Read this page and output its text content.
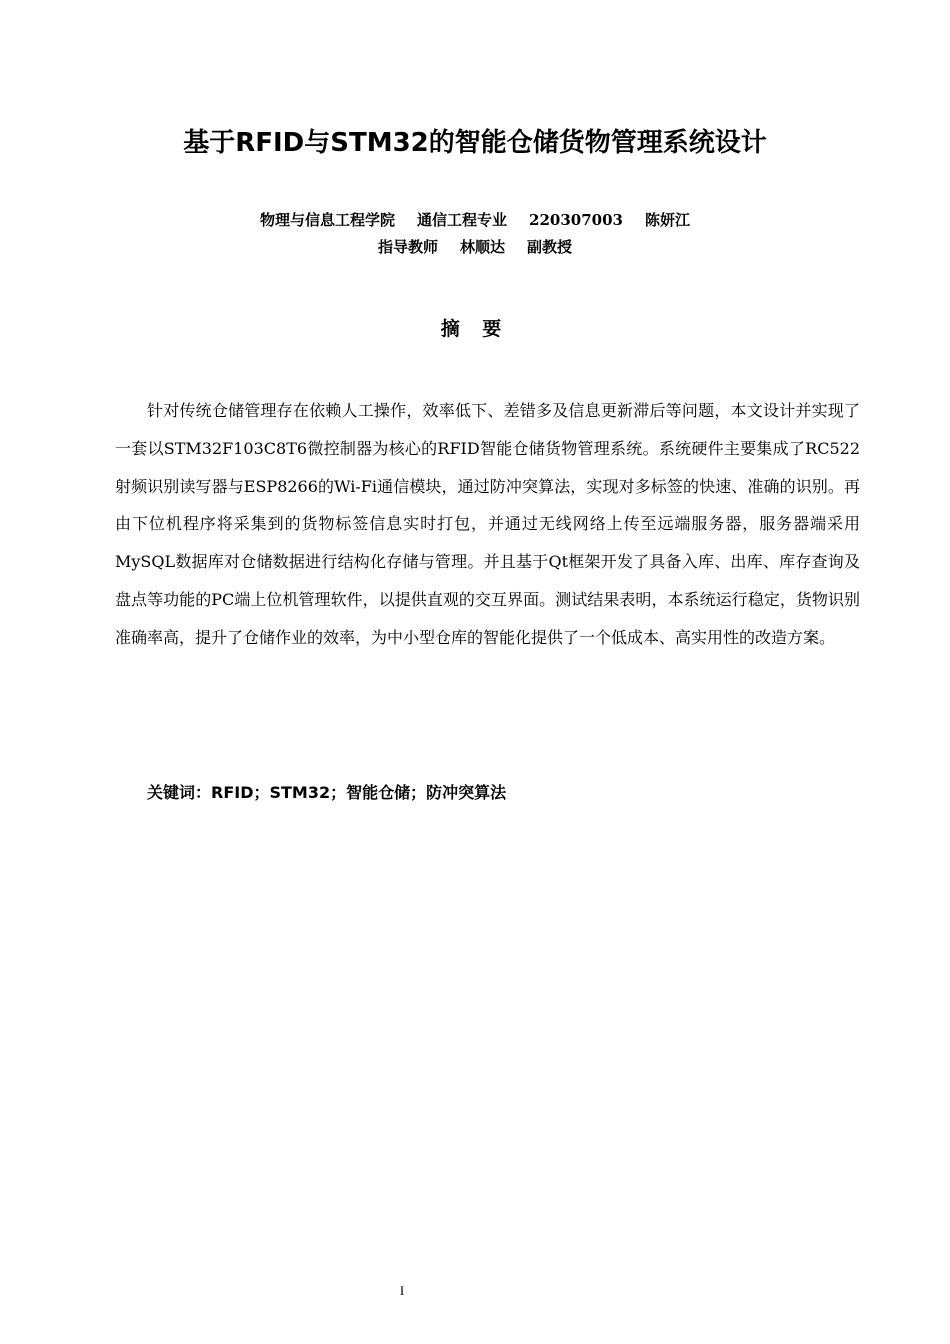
基于RFID与STM32的智能仓储货物管理系统设计
物理与信息工程学院 通信工程专业 220307003 陈妍江
指导教师 林顺达 副教授
摘 要

针对传统仓储管理存在依赖人工操作，效率低下、差错多及信息更新滞后等问题，本文设计并实现了一套以STM32F103C8T6微控制器为核心的RFID智能仓储货物管理系统。系统硬件主要集成了RC522射频识别读写器与ESP8266的Wi-Fi通信模块，通过防冲突算法，实现对多标签的快速、准确的识别。再由下位机程序将采集到的货物标签信息实时打包，并通过无线网络上传至远端服务器，服务器端采用MySQL数据库对仓储数据进行结构化存储与管理。并且基于Qt框架开发了具备入库、出库、库存查询及盘点等功能的PC端上位机管理软件，以提供直观的交互界面。测试结果表明，本系统运行稳定，货物识别准确率高，提升了仓储作业的效率，为中小型仓库的智能化提供了一个低成本、高实用性的改造方案。

关键词：RFID；STM32；智能仓储；防冲突算法
I
